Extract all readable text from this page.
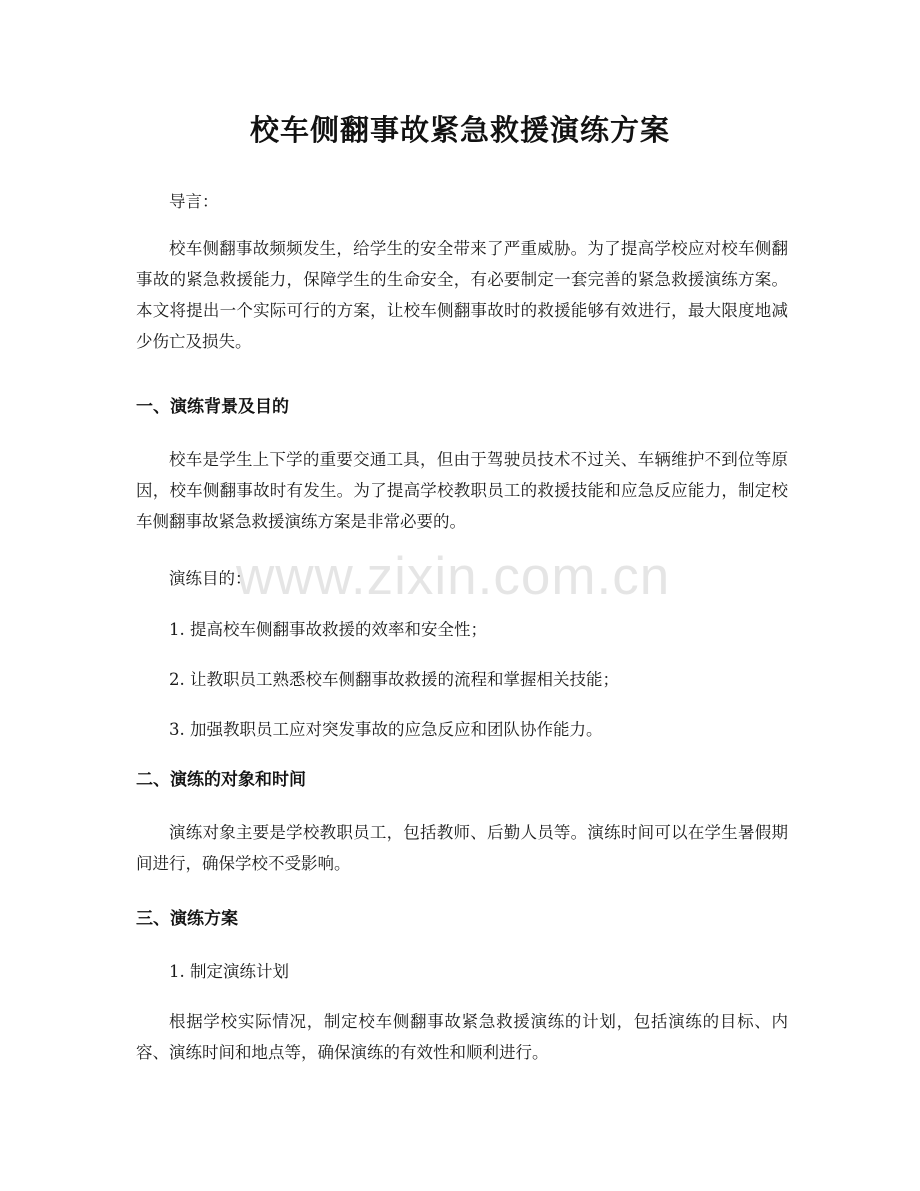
校车侧翻事故紧急救援演练方案

导言：

校车侧翻事故频频发生，给学生的安全带来了严重威胁。为了提高学校应对校车侧翻事故的紧急救援能力，保障学生的生命安全，有必要制定一套完善的紧急救援演练方案。本文将提出一个实际可行的方案，让校车侧翻事故时的救援能够有效进行，最大限度地减少伤亡及损失。

一、演练背景及目的

校车是学生上下学的重要交通工具，但由于驾驶员技术不过关、车辆维护不到位等原因，校车侧翻事故时有发生。为了提高学校教职员工的救援技能和应急反应能力，制定校车侧翻事故紧急救援演练方案是非常必要的。

演练目的：

1. 提高校车侧翻事故救援的效率和安全性；

2. 让教职员工熟悉校车侧翻事故救援的流程和掌握相关技能；

3. 加强教职员工应对突发事故的应急反应和团队协作能力。

二、演练的对象和时间

演练对象主要是学校教职员工，包括教师、后勤人员等。演练时间可以在学生暑假期间进行，确保学校不受影响。

三、演练方案

1. 制定演练计划

根据学校实际情况，制定校车侧翻事故紧急救援演练的计划，包括演练的目标、内容、演练时间和地点等，确保演练的有效性和顺利进行。

www.zixin.com.cn
